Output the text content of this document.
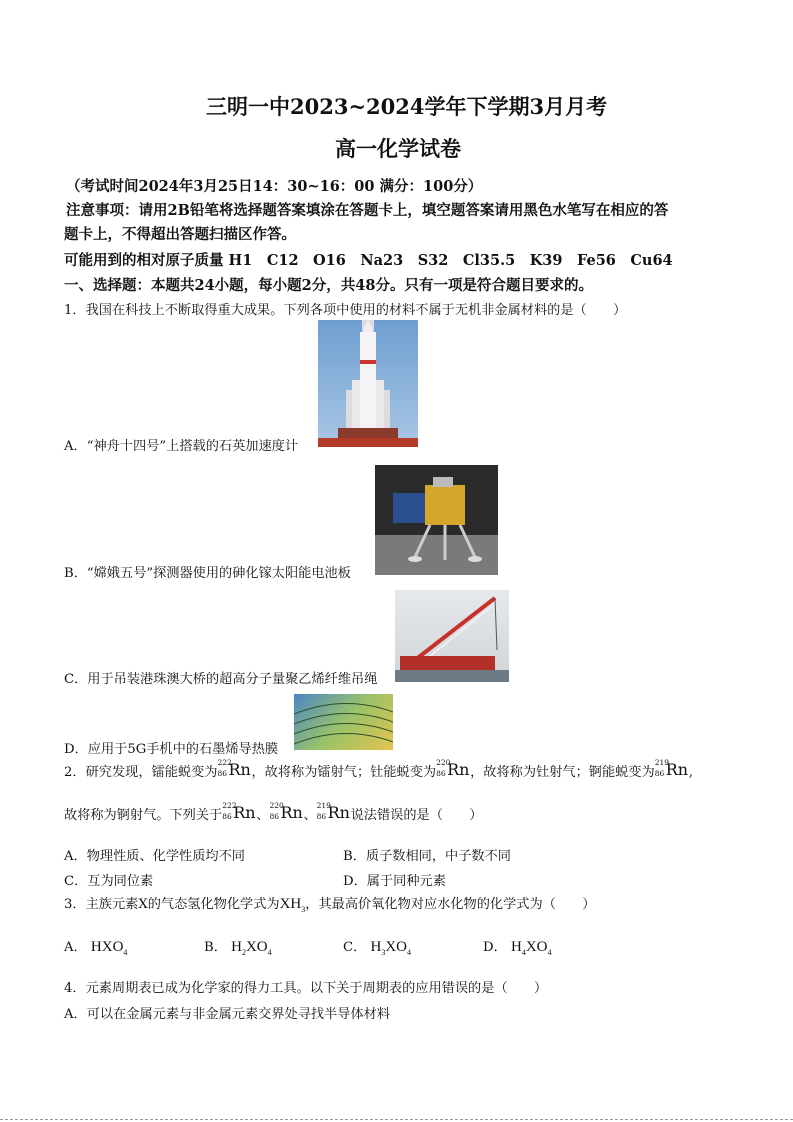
三明一中2023~2024学年下学期3月月考
高一化学试卷
（考试时间2024年3月25日14：30~16：00 满分：100分）
注意事项：请用2B铅笔将选择题答案填涂在答题卡上，填空题答案请用黑色水笔写在相应的答
题卡上，不得超出答题扫描区作答。
可能用到的相对原子质量 H1　C12　O16　Na23　S32　Cl35.5　K39　Fe56　Cu64
一、选择题：本题共24小题，每小题2分，共48分。只有一项是符合题目要求的。
1．我国在科技上不断取得重大成果。下列各项中使用的材料不属于无机非金属材料的是（　　）
A．“神舟十四号”上搭载的石英加速度计
B．“嫦娥五号”探测器使用的砷化镓太阳能电池板
C．用于吊装港珠澳大桥的超高分子量聚乙烯纤维吊绳
D．应用于5G手机中的石墨烯导热膜
2．研究发现，镭能蜕变为
222
86 Rn ，故将称为镭射气；钍能蜕变为
220
86 Rn ，故将称为钍射气；锕能蜕变为
219
86 Rn ,
故将称为锕射气。下列关于
222
86 Rn 、
220
86 Rn 、
219
86 Rn 说法错误的是（　　）
A．物理性质、化学性质均不同	B．质子数相同，中子数不同
C．互为同位素	D．属于同种元素
3．主族元素X的气态氢化物化学式为$XH_3$，其最高价氧化物对应水化物的化学式为（　　）
A． $HXO_4$	B． $H_2XO_4$	C． $H_3XO_4$	D． $H_4XO_4$
4．元素周期表已成为化学家的得力工具。以下关于周期表的应用错误的是（　　）
A．可以在金属元素与非金属元素交界处寻找半导体材料
